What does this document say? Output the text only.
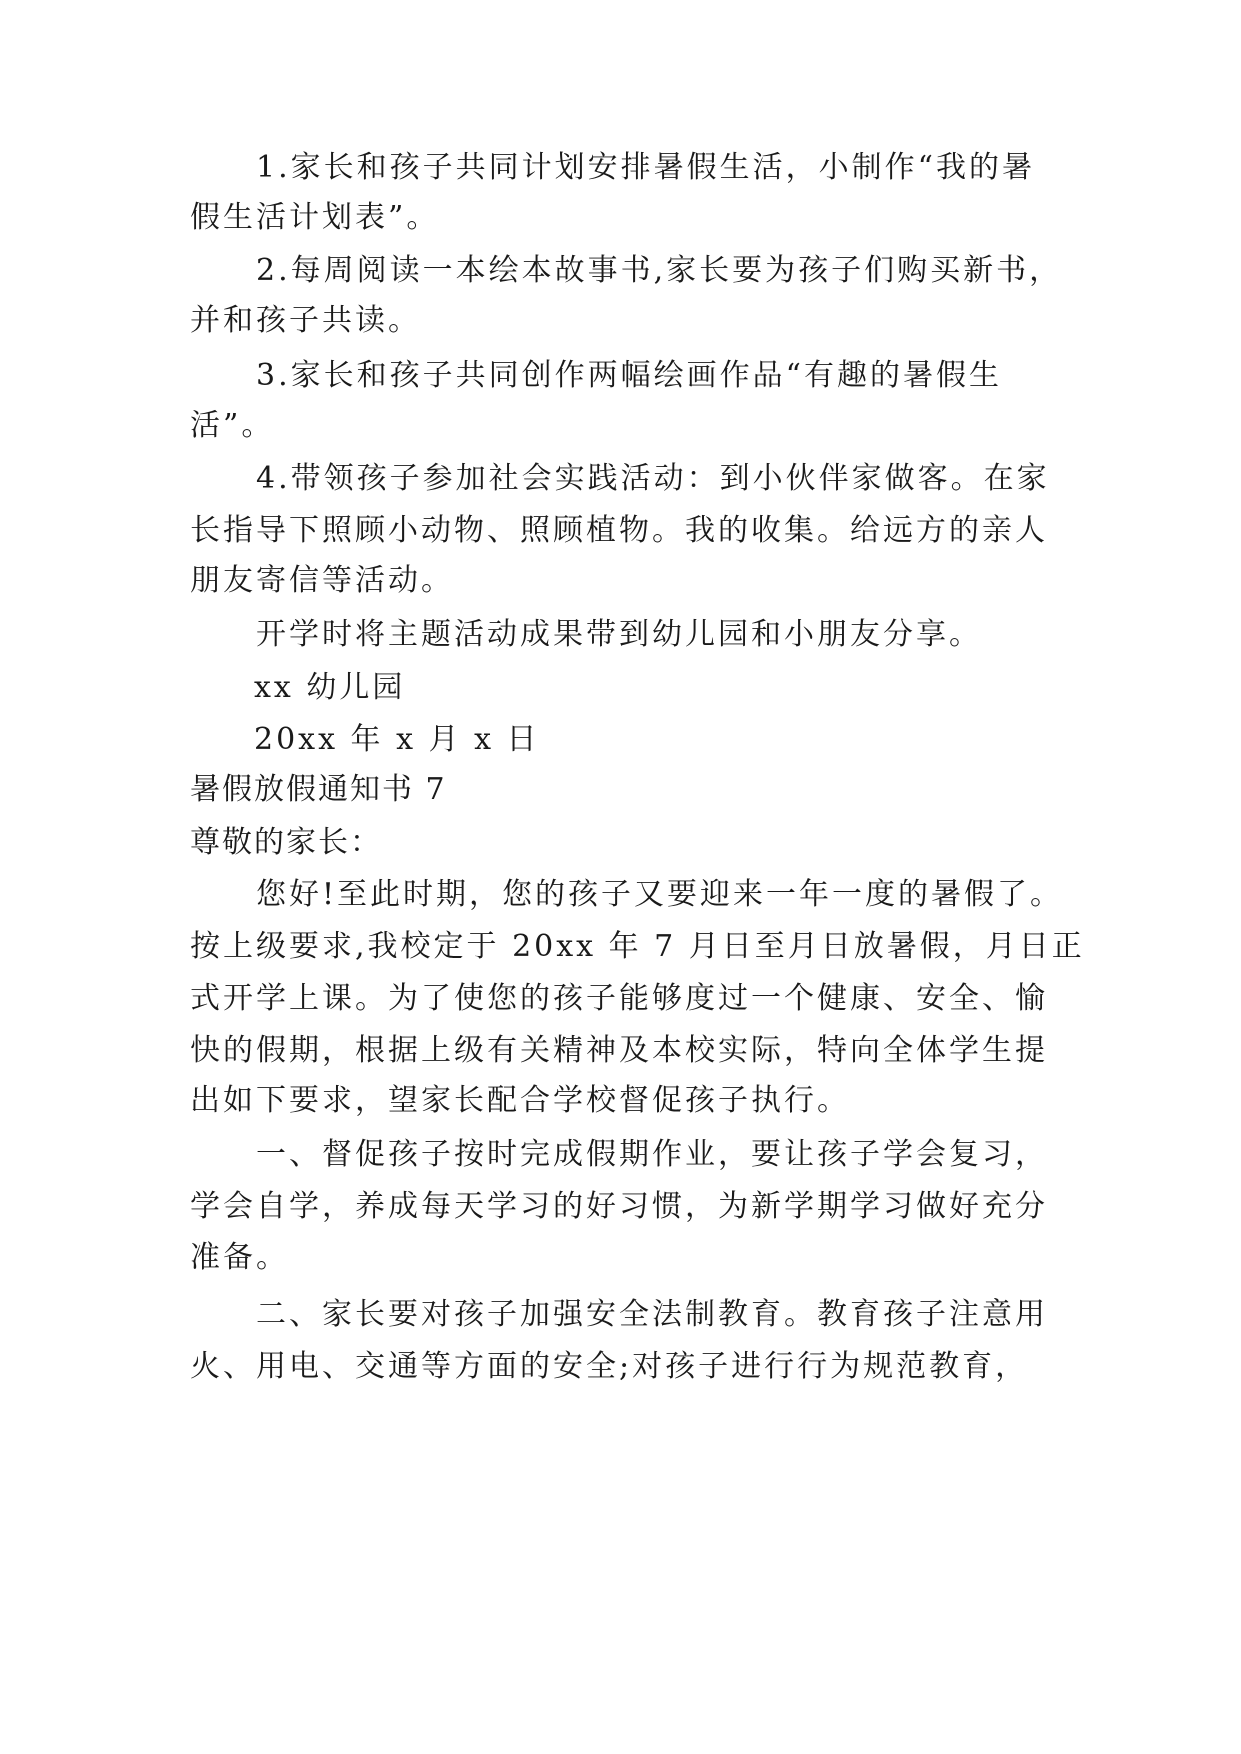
1.家长和孩子共同计划安排暑假生活，小制作“我的暑
假生活计划表”。
2.每周阅读一本绘本故事书,家长要为孩子们购买新书，
并和孩子共读。
3.家长和孩子共同创作两幅绘画作品“有趣的暑假生
活”。
4.带领孩子参加社会实践活动：到小伙伴家做客。在家
长指导下照顾小动物、照顾植物。我的收集。给远方的亲人
朋友寄信等活动。
开学时将主题活动成果带到幼儿园和小朋友分享。
xx 幼儿园
20xx 年 x 月 x 日
暑假放假通知书 7
尊敬的家长：
您好!至此时期，您的孩子又要迎来一年一度的暑假了。
按上级要求,我校定于 20xx 年 7 月日至月日放暑假，月日正
式开学上课。为了使您的孩子能够度过一个健康、安全、愉
快的假期，根据上级有关精神及本校实际，特向全体学生提
出如下要求，望家长配合学校督促孩子执行。
一、督促孩子按时完成假期作业，要让孩子学会复习，
学会自学，养成每天学习的好习惯，为新学期学习做好充分
准备。
二、家长要对孩子加强安全法制教育。教育孩子注意用
火、用电、交通等方面的安全;对孩子进行行为规范教育，
